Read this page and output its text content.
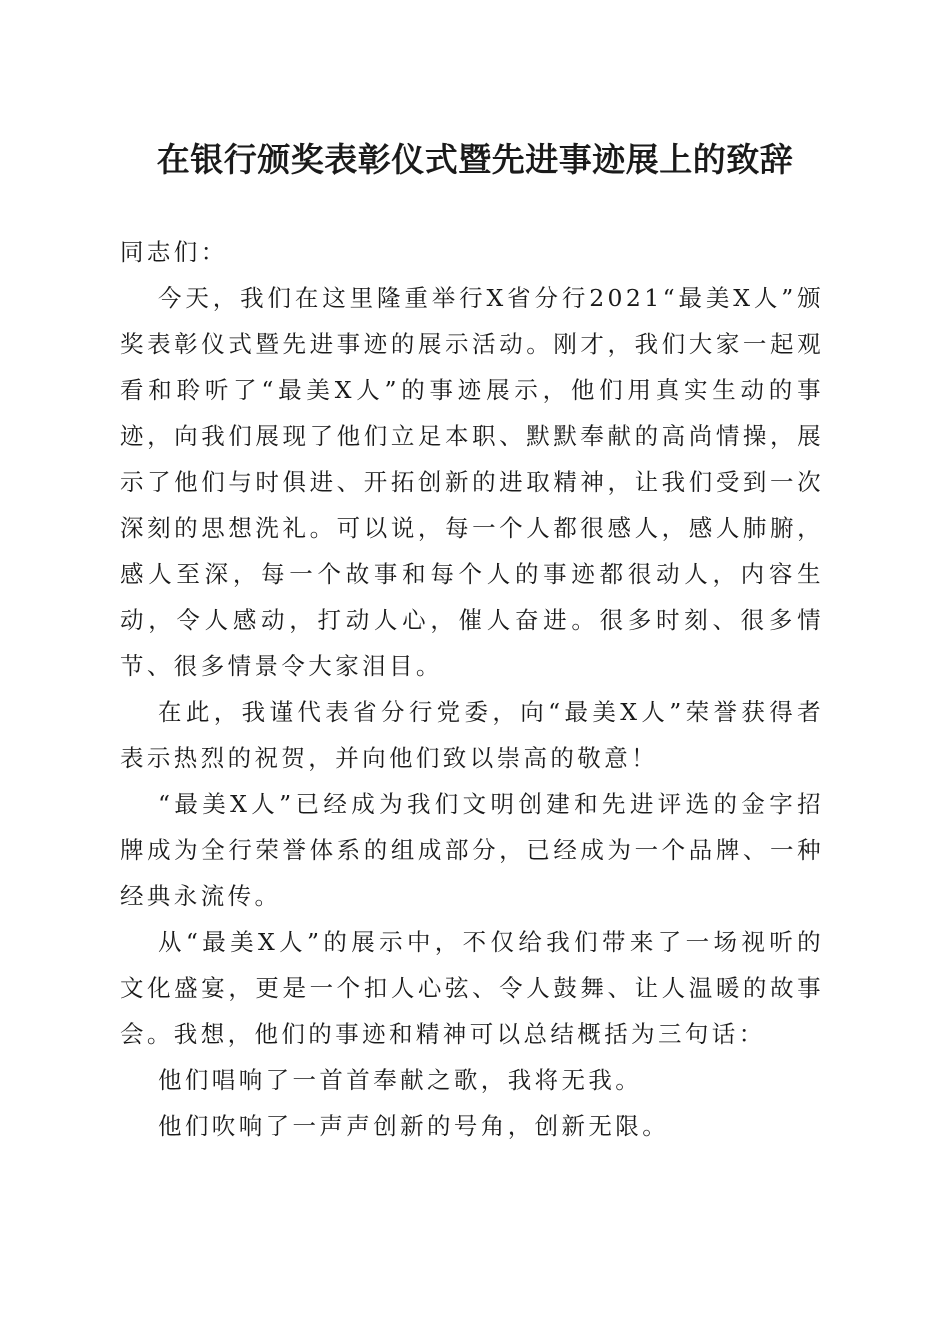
在银行颁奖表彰仪式暨先进事迹展上的致辞

同志们：

今天，我们在这里隆重举行X省分行2021“最美X人”颁奖表彰仪式暨先进事迹的展示活动。刚才，我们大家一起观看和聆听了“最美X人”的事迹展示，他们用真实生动的事迹，向我们展现了他们立足本职、默默奉献的高尚情操，展示了他们与时俱进、开拓创新的进取精神，让我们受到一次深刻的思想洗礼。可以说，每一个人都很感人，感人肺腑，感人至深，每一个故事和每个人的事迹都很动人，内容生动，令人感动，打动人心，催人奋进。很多时刻、很多情节、很多情景令大家泪目。

在此，我谨代表省分行党委，向“最美X人”荣誉获得者表示热烈的祝贺，并向他们致以崇高的敬意！

“最美X人”已经成为我们文明创建和先进评选的金字招牌成为全行荣誉体系的组成部分，已经成为一个品牌、一种经典永流传。

从“最美X人”的展示中，不仅给我们带来了一场视听的文化盛宴，更是一个扣人心弦、令人鼓舞、让人温暖的故事会。我想，他们的事迹和精神可以总结概括为三句话：

他们唱响了一首首奉献之歌，我将无我。

他们吹响了一声声创新的号角，创新无限。
